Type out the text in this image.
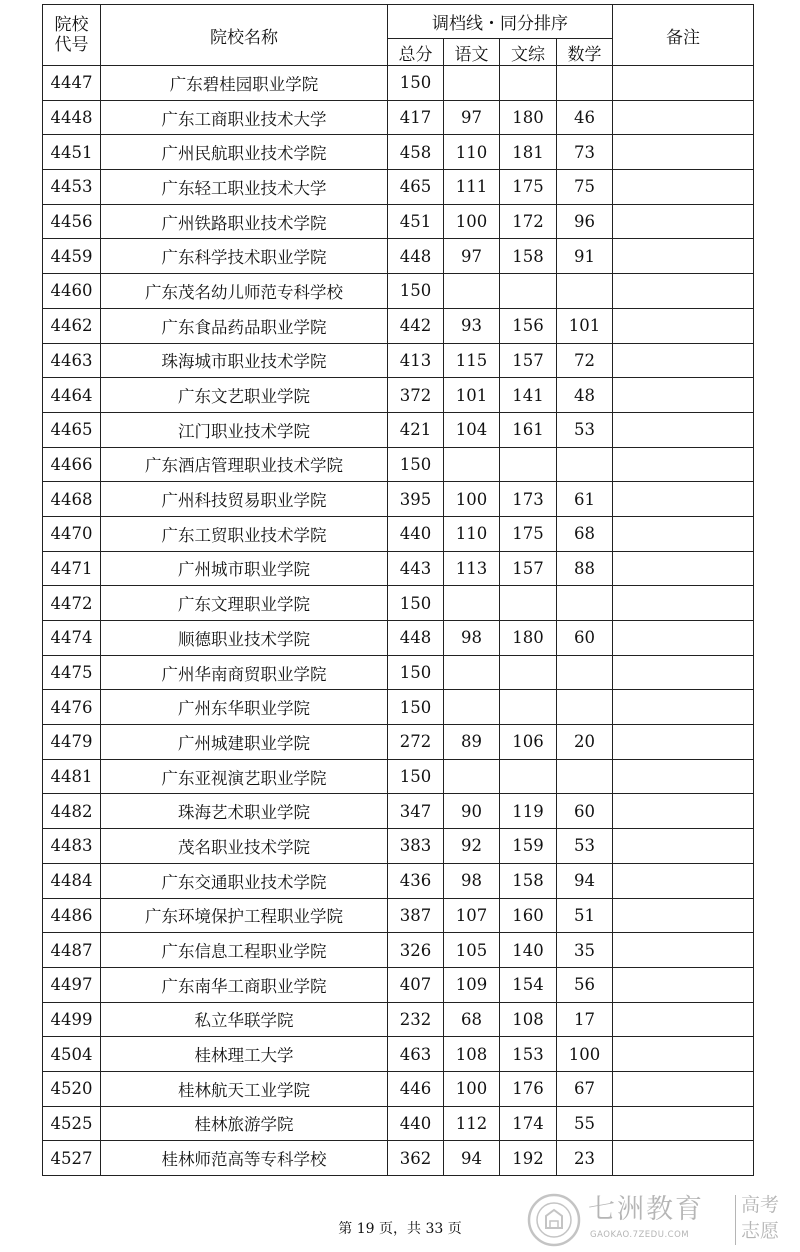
院校
代号	院校名称	调档线・同分排序				备注
		总分	语文	文综	数学	
4447	广东碧桂园职业学院	150				
4448	广东工商职业技术大学	417	97	180	46	
4451	广州民航职业技术学院	458	110	181	73	
4453	广东轻工职业技术大学	465	111	175	75	
4456	广州铁路职业技术学院	451	100	172	96	
4459	广东科学技术职业学院	448	97	158	91	
4460	广东茂名幼儿师范专科学校	150				
4462	广东食品药品职业学院	442	93	156	101	
4463	珠海城市职业技术学院	413	115	157	72	
4464	广东文艺职业学院	372	101	141	48	
4465	江门职业技术学院	421	104	161	53	
4466	广东酒店管理职业技术学院	150				
4468	广州科技贸易职业学院	395	100	173	61	
4470	广东工贸职业技术学院	440	110	175	68	
4471	广州城市职业学院	443	113	157	88	
4472	广东文理职业学院	150				
4474	顺德职业技术学院	448	98	180	60	
4475	广州华南商贸职业学院	150				
4476	广州东华职业学院	150				
4479	广州城建职业学院	272	89	106	20	
4481	广东亚视演艺职业学院	150				
4482	珠海艺术职业学院	347	90	119	60	
4483	茂名职业技术学院	383	92	159	53	
4484	广东交通职业技术学院	436	98	158	94	
4486	广东环境保护工程职业学院	387	107	160	51	
4487	广东信息工程职业学院	326	105	140	35	
4497	广东南华工商职业学院	407	109	154	56	
4499	私立华联学院	232	68	108	17	
4504	桂林理工大学	463	108	153	100	
4520	桂林航天工业学院	446	100	176	67	
4525	桂林旅游学院	440	112	174	55	
4527	桂林师范高等专科学校	362	94	192	23	
第 19 页，共 33 页
七洲教育
GAOKAO.7ZEDU.COM
高考
志愿
